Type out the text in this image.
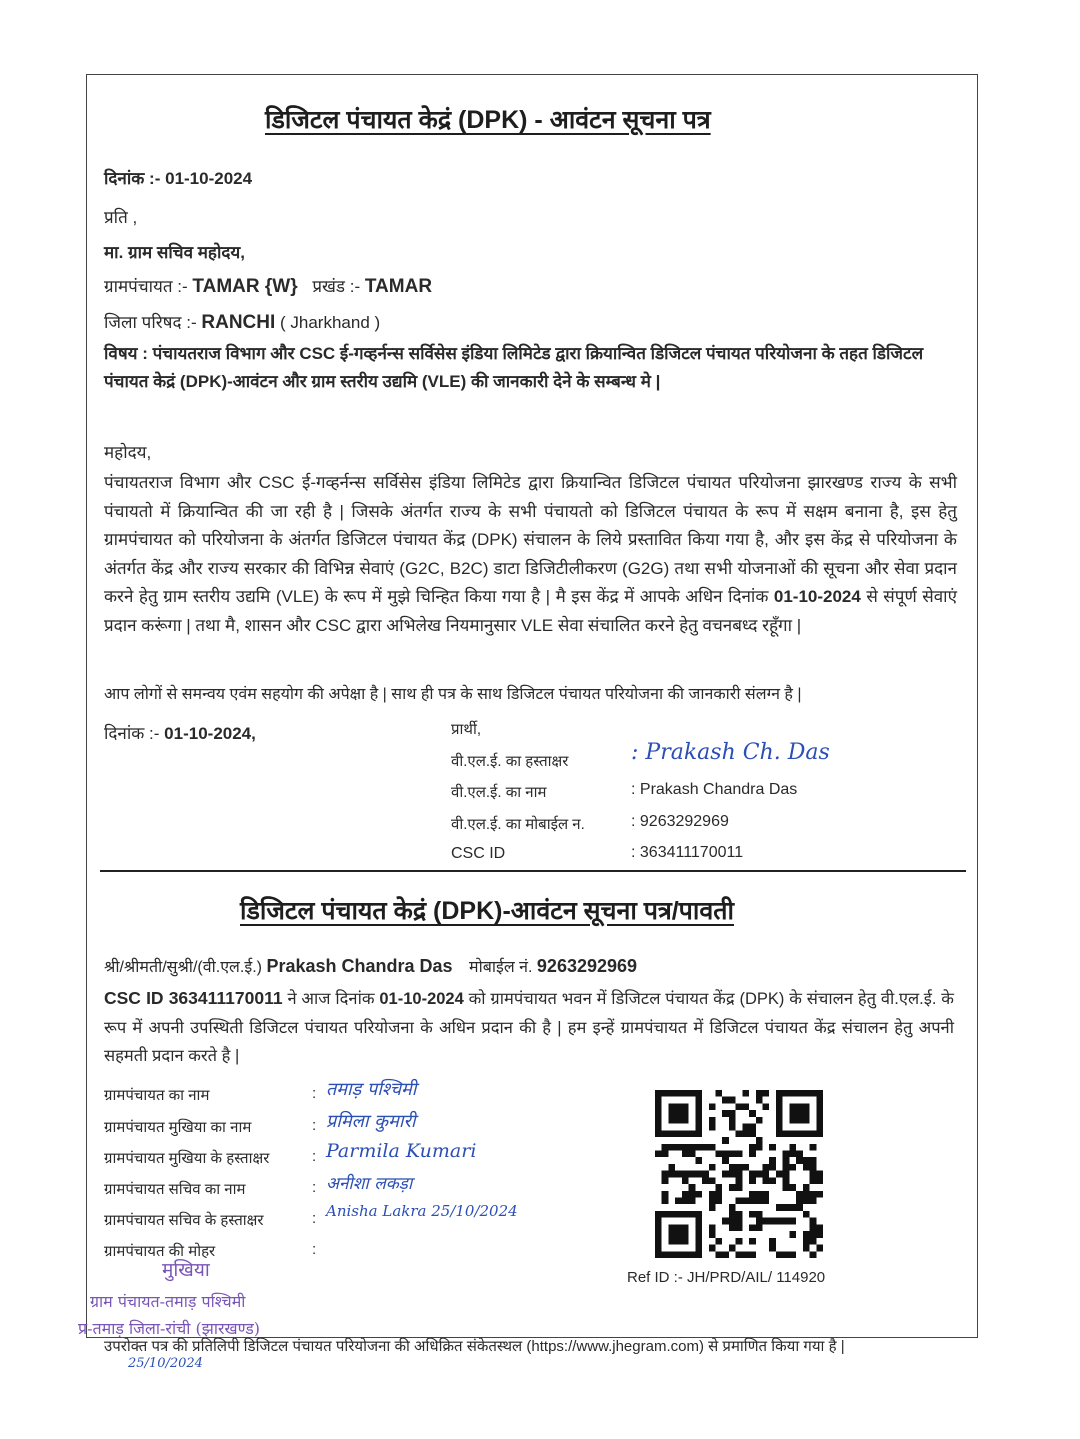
डिजिटल पंचायत केद्रं (DPK) - आवंटन सूचना पत्र
दिनांक :- 01-10-2024
प्रति ,
मा. ग्राम सचिव महोदय,
ग्रामपंचायत :- TAMAR {W} प्रखंड :- TAMAR
जिला परिषद :- RANCHI ( Jharkhand )
विषय : पंचायतराज विभाग और CSC ई-गव्हर्नन्स सर्विसेस इंडिया लिमिटेड द्वारा क्रियान्वित डिजिटल पंचायत परियोजना के तहत डिजिटल पंचायत केद्रं (DPK)-आवंटन और ग्राम स्तरीय उद्यमि (VLE) की जानकारी देने के सम्बन्ध मे |
महोदय,
पंचायतराज विभाग और CSC ई-गव्हर्नन्स सर्विसेस इंडिया लिमिटेड द्वारा क्रियान्वित डिजिटल पंचायत परियोजना झारखण्ड राज्य के सभी पंचायतो में क्रियान्वित की जा रही है | जिसके अंतर्गत राज्य के सभी पंचायतो को डिजिटल पंचायत के रूप में सक्षम बनाना है, इस हेतु ग्रामपंचायत को परियोजना के अंतर्गत डिजिटल पंचायत केंद्र (DPK) संचालन के लिये प्रस्तावित किया गया है, और इस केंद्र से परियोजना के अंतर्गत केंद्र और राज्य सरकार की विभिन्न सेवाएं (G2C, B2C) डाटा डिजिटीलीकरण (G2G) तथा सभी योजनाओं की सूचना और सेवा प्रदान करने हेतु ग्राम स्तरीय उद्यमि (VLE) के रूप में मुझे चिन्हित किया गया है | मै इस केंद्र में आपके अधिन दिनांक 01-10-2024 से संपूर्ण सेवाएं प्रदान करूंगा | तथा मै, शासन और CSC द्वारा अभिलेख नियमानुसार VLE सेवा संचालित करने हेतु वचनबध्द रहूँगा |
आप लोगों से समन्वय एवंम सहयोग की अपेक्षा है | साथ ही पत्र के साथ डिजिटल पंचायत परियोजना की जानकारी संलग्न है |
दिनांक :- 01-10-2024,	प्रार्थी,
वी.एल.ई. का हस्ताक्षर	: Prakash Ch. Das
वी.एल.ई. का नाम	: Prakash Chandra Das
वी.एल.ई. का मोबाईल न.	: 9263292969
CSC ID	: 363411170011
डिजिटल पंचायत केद्रं (DPK)-आवंटन सूचना पत्र/पावती
श्री/श्रीमती/सुश्री/(वी.एल.ई.) Prakash Chandra Das मोबाईल नं. 9263292969
CSC ID 363411170011 ने आज दिनांक 01-10-2024 को ग्रामपंचायत भवन में डिजिटल पंचायत केंद्र (DPK) के संचालन हेतु वी.एल.ई. के रूप में अपनी उपस्थिती डिजिटल पंचायत परियोजना के अधिन प्रदान की है | हम इन्हें ग्रामपंचायत में डिजिटल पंचायत केंद्र संचालन हेतु अपनी सहमती प्रदान करते है |
ग्रामपंचायत का नाम	: तमाड़ पश्चिमी
ग्रामपंचायत मुखिया का नाम	: प्रमिला कुमारी
ग्रामपंचायत मुखिया के हस्ताक्षर	: Parmila Kumari
ग्रामपंचायत सचिव का नाम	: अनीशा लकड़ा
ग्रामपंचायत सचिव के हस्ताक्षर	: Anisha Lakra 25/10/2024
ग्रामपंचायत की मोहर	:
मुखिया
ग्राम पंचायत-तमाड़ पश्चिमी
प्र-तमाड़ जिला-रांची (झारखण्ड)
25/10/2024
Ref ID :- JH/PRD/AIL/ 114920
उपरोक्त पत्र की प्रतिलिपी डिजिटल पंचायत परियोजना की अधिक्रित संकेतस्थल (https://www.jhegram.com) से प्रमाणित किया गया है |
